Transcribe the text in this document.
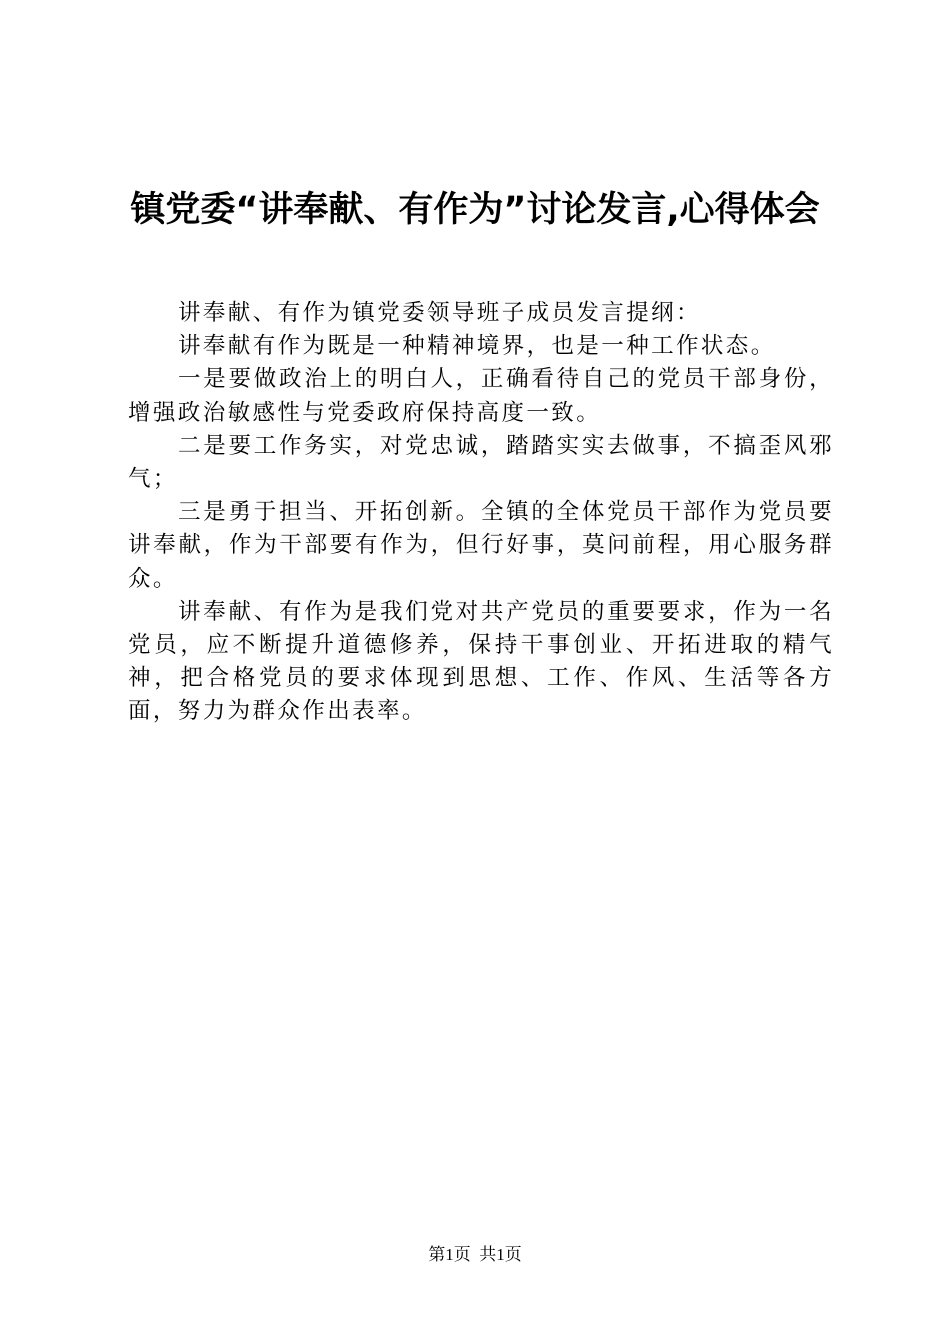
镇党委“讲奉献、有作为”讨论发言,心得体会

讲奉献、有作为镇党委领导班子成员发言提纲：

讲奉献有作为既是一种精神境界，也是一种工作状态。

一是要做政治上的明白人，正确看待自己的党员干部身份，增强政治敏感性与党委政府保持高度一致。

二是要工作务实，对党忠诚，踏踏实实去做事，不搞歪风邪气；

三是勇于担当、开拓创新。全镇的全体党员干部作为党员要讲奉献，作为干部要有作为，但行好事，莫问前程，用心服务群众。

讲奉献、有作为是我们党对共产党员的重要要求，作为一名党员，应不断提升道德修养，保持干事创业、开拓进取的精气神，把合格党员的要求体现到思想、工作、作风、生活等各方面，努力为群众作出表率。

第1页 共1页
